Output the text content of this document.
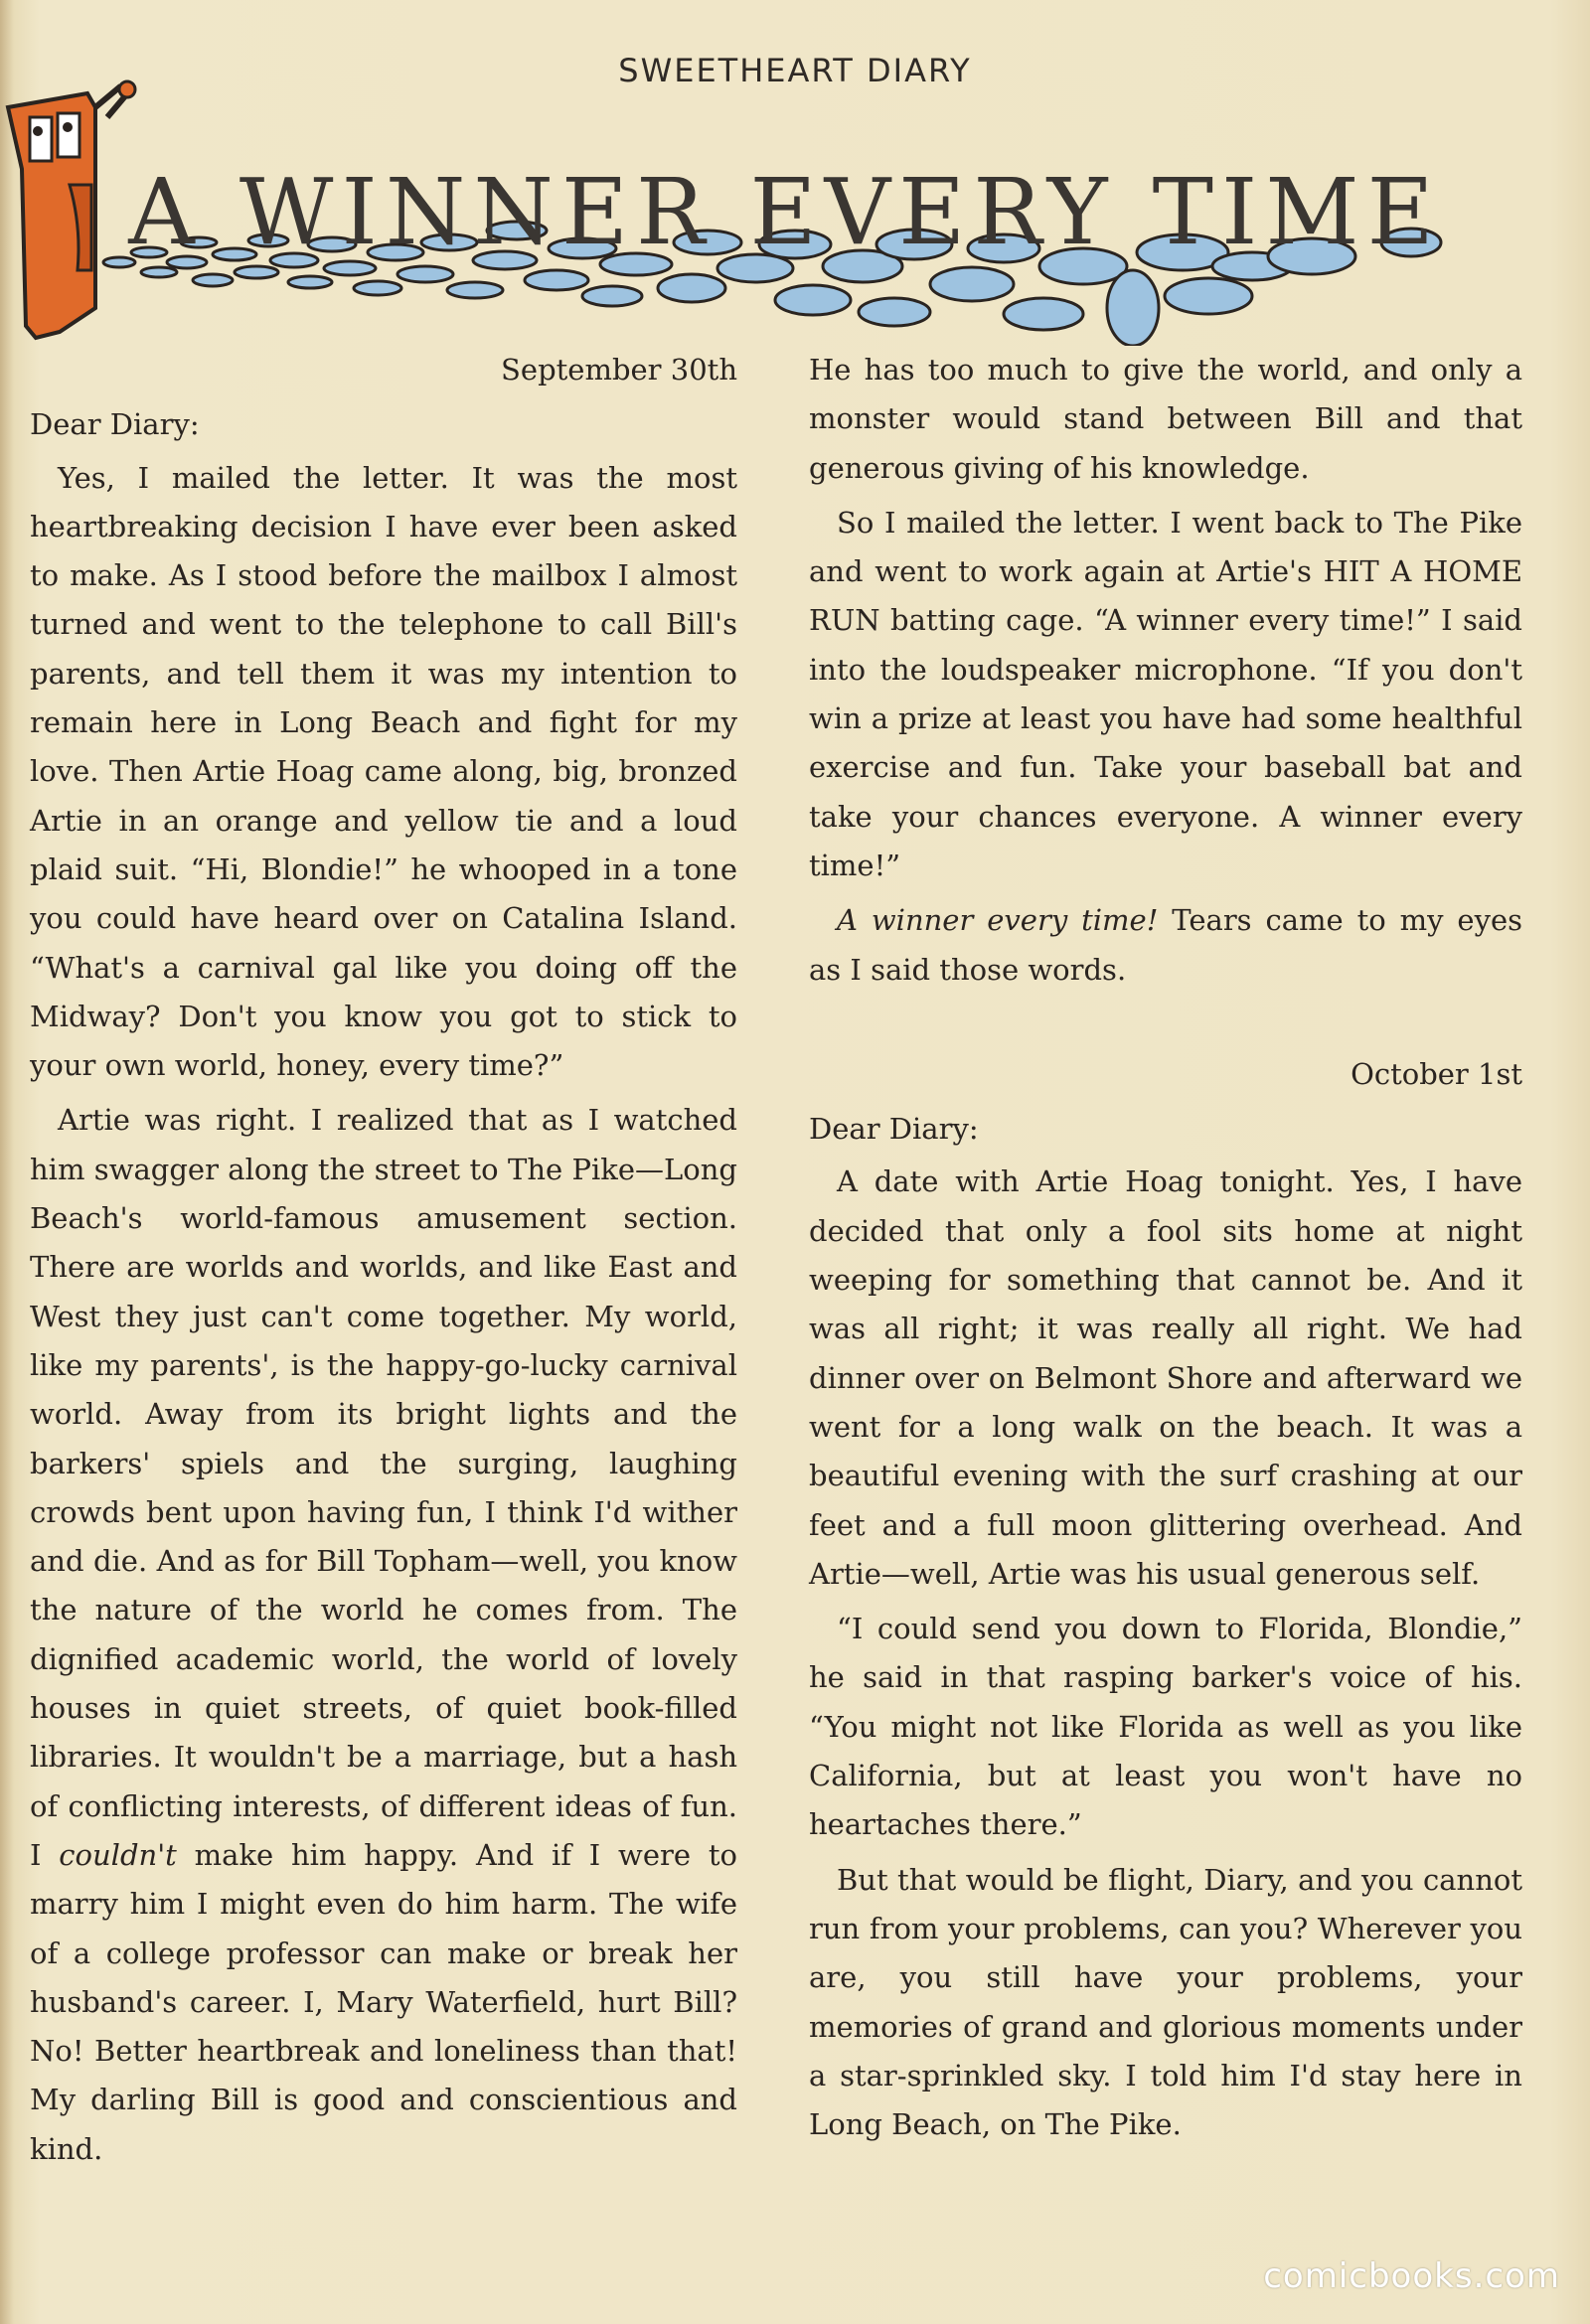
SWEETHEART DIARY
A WINNER EVERY TIME
September 30th

Dear Diary:

Yes, I mailed the letter. It was the most heartbreaking decision I have ever been asked to make. As I stood before the mailbox I almost turned and went to the telephone to call Bill's parents, and tell them it was my intention to remain here in Long Beach and fight for my love. Then Artie Hoag came along, big, bronzed Artie in an orange and yellow tie and a loud plaid suit. “Hi, Blondie!” he whooped in a tone you could have heard over on Catalina Island. “What's a carnival gal like you doing off the Midway? Don't you know you got to stick to your own world, honey, every time?”

Artie was right. I realized that as I watched him swagger along the street to The Pike—Long Beach's world-famous amusement section. There are worlds and worlds, and like East and West they just can't come together. My world, like my parents', is the happy-go-lucky carnival world. Away from its bright lights and the barkers' spiels and the surging, laughing crowds bent upon having fun, I think I'd wither and die. And as for Bill Topham—well, you know the nature of the world he comes from. The dignified academic world, the world of lovely houses in quiet streets, of quiet book-filled libraries. It wouldn't be a marriage, but a hash of conflicting interests, of different ideas of fun. I couldn't make him happy. And if I were to marry him I might even do him harm. The wife of a college professor can make or break her husband's career. I, Mary Waterfield, hurt Bill? No! Better heartbreak and loneliness than that! My darling Bill is good and conscientious and kind.

He has too much to give the world, and only a monster would stand between Bill and that generous giving of his knowledge.

So I mailed the letter. I went back to The Pike and went to work again at Artie's HIT A HOME RUN batting cage. “A winner every time!” I said into the loudspeaker microphone. “If you don't win a prize at least you have had some healthful exercise and fun. Take your baseball bat and take your chances everyone. A winner every time!”

A winner every time! Tears came to my eyes as I said those words.

October 1st

Dear Diary:

A date with Artie Hoag tonight. Yes, I have decided that only a fool sits home at night weeping for something that cannot be. And it was all right; it was really all right. We had dinner over on Belmont Shore and afterward we went for a long walk on the beach. It was a beautiful evening with the surf crashing at our feet and a full moon glittering overhead. And Artie—well, Artie was his usual generous self.

“I could send you down to Florida, Blondie,” he said in that rasping barker's voice of his. “You might not like Florida as well as you like California, but at least you won't have no heartaches there.”

But that would be flight, Diary, and you cannot run from your problems, can you? Wherever you are, you still have your problems, your memories of grand and glorious moments under a star-sprinkled sky. I told him I'd stay here in Long Beach, on The Pike.

comicbooks.com
